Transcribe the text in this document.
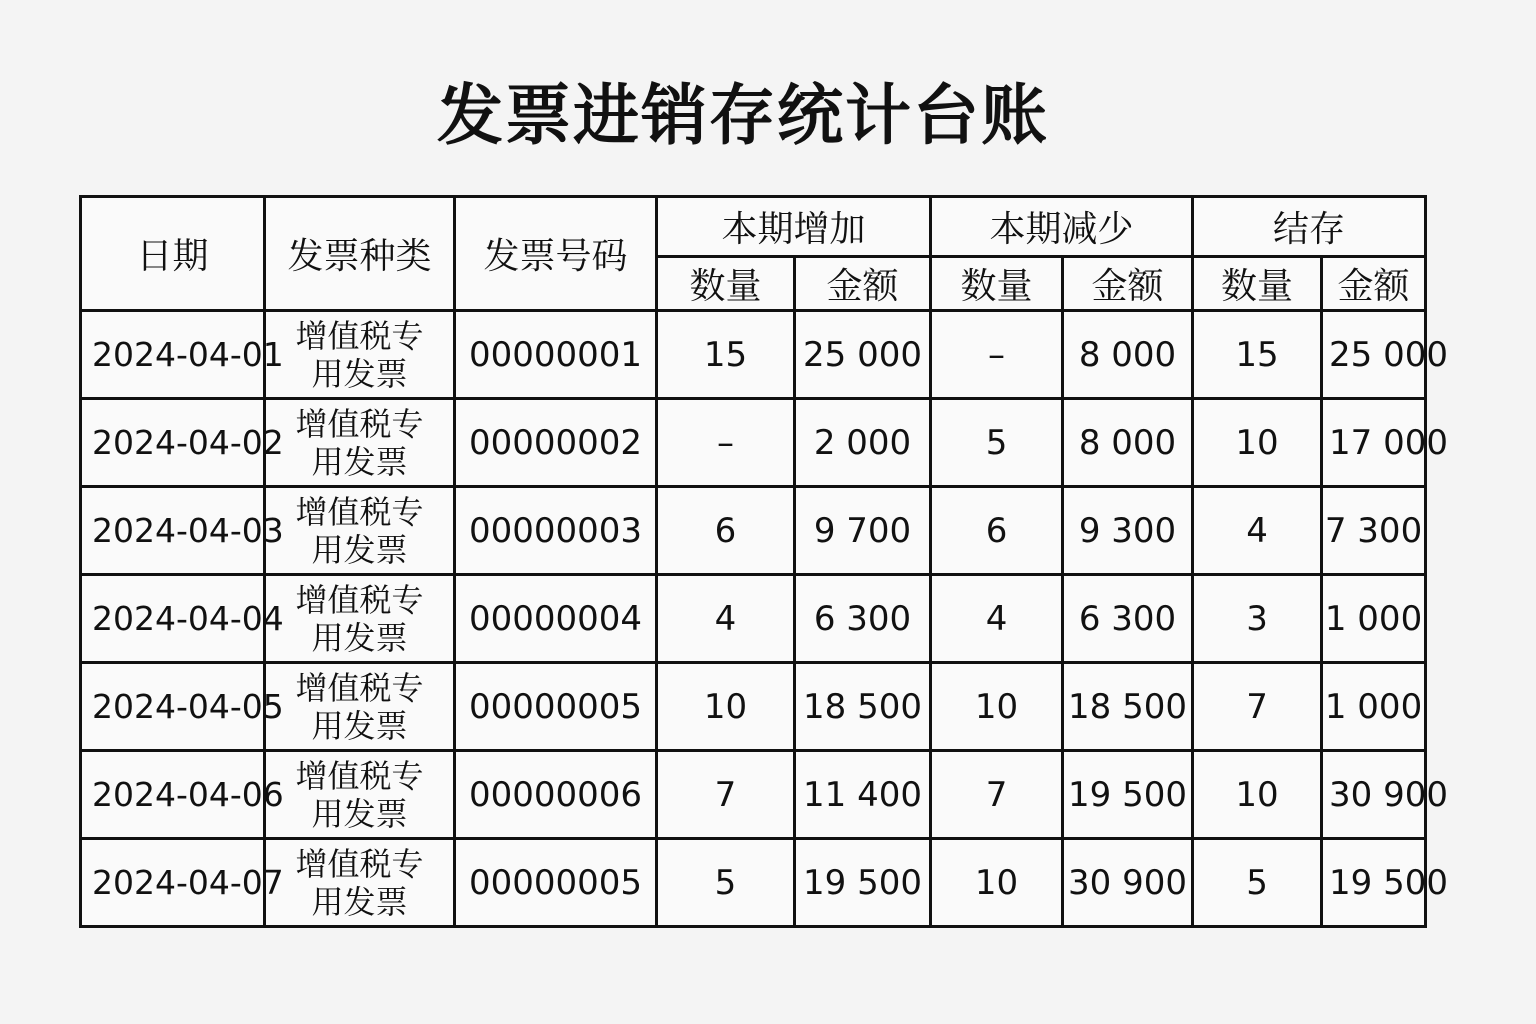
发票进销存统计台账
日期	发票种类	发票号码	本期增加		本期减少		结存	
			数量	金额	数量	金额	数量	金额
2024-04-01	增值税专用发票	00000001	15	25 000	–	8 000	15	25 000
2024-04-02	增值税专用发票	00000002	–	2 000	5	8 000	10	17 000
2024-04-03	增值税专用发票	00000003	6	9 700	6	9 300	4	7 300
2024-04-04	增值税专用发票	00000004	4	6 300	4	6 300	3	1 000
2024-04-05	增值税专用发票	00000005	10	18 500	10	18 500	7	1 000
2024-04-06	增值税专用发票	00000006	7	11 400	7	19 500	10	30 900
2024-04-07	增值税专用发票	00000005	5	19 500	10	30 900	5	19 500
